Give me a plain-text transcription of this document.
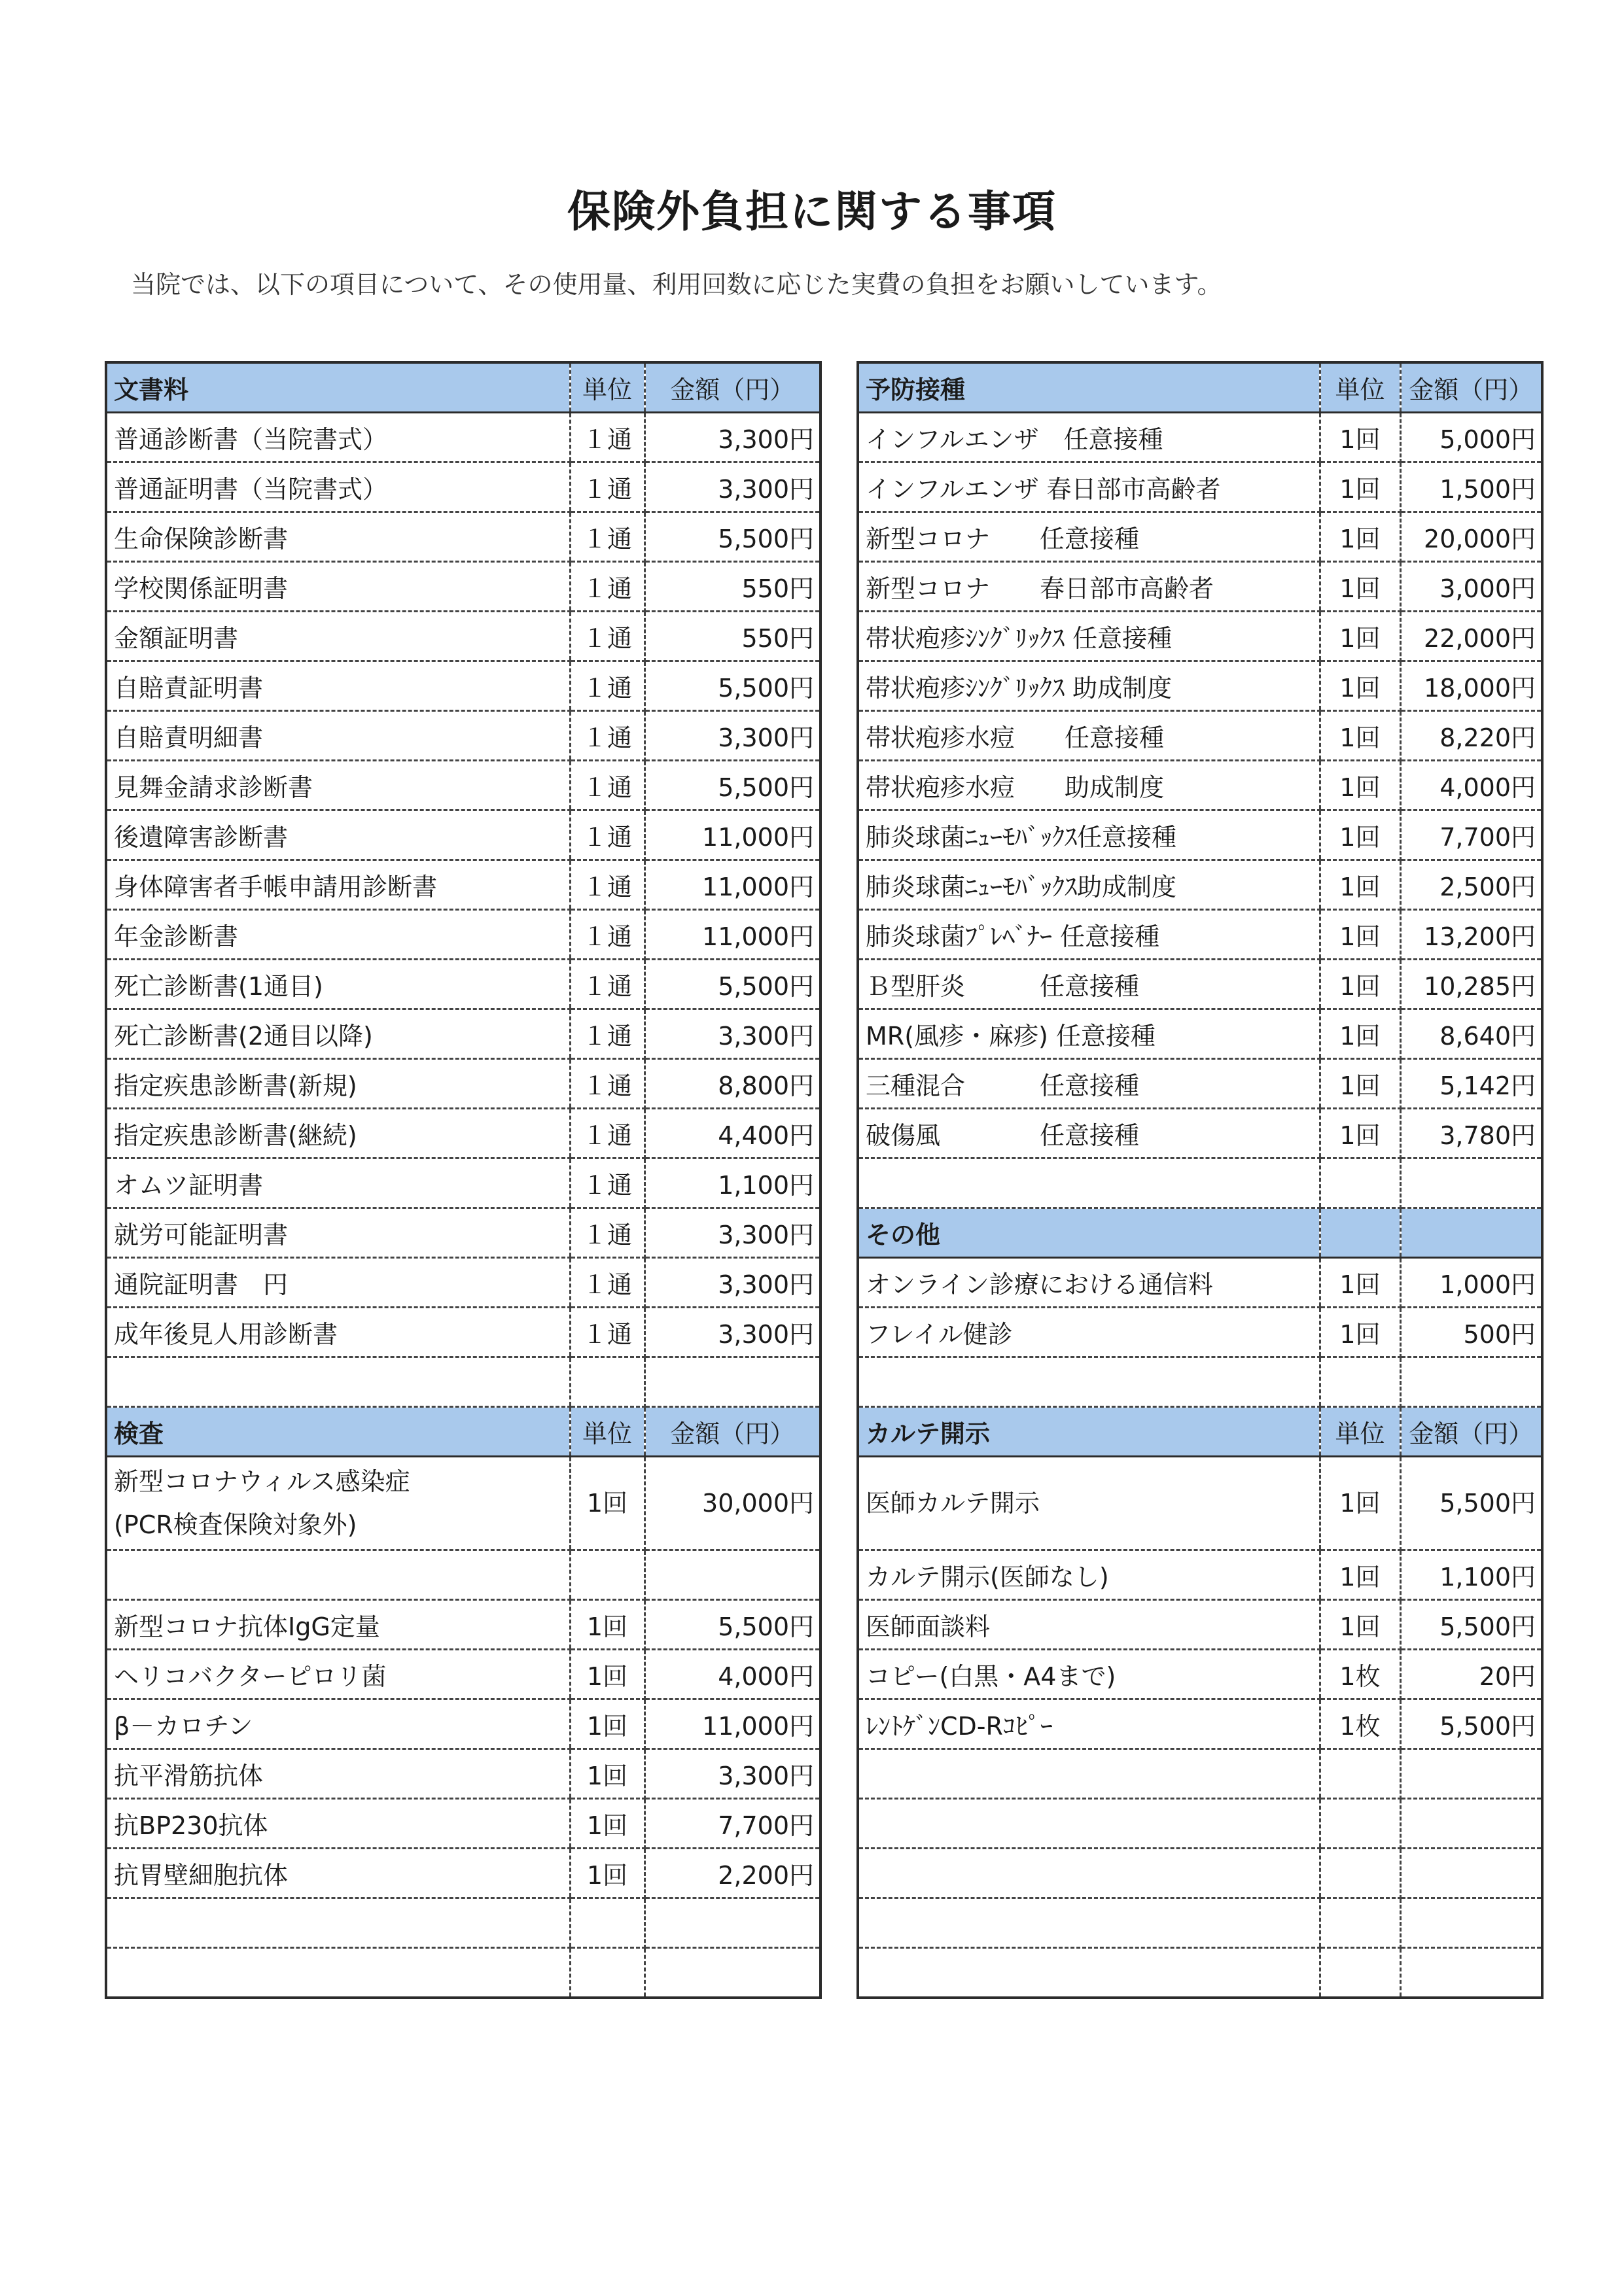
保険外負担に関する事項
当院では、以下の項目について、その使用量、利用回数に応じた実費の負担をお願いしています。
文書料	単位	金額（円）
普通診断書（当院書式）	１通	3,300円
普通証明書（当院書式）	１通	3,300円
生命保険診断書	１通	5,500円
学校関係証明書	１通	550円
金額証明書	１通	550円
自賠責証明書	１通	5,500円
自賠責明細書	１通	3,300円
見舞金請求診断書	１通	5,500円
後遺障害診断書	１通	11,000円
身体障害者手帳申請用診断書	１通	11,000円
年金診断書	１通	11,000円
死亡診断書(1通目)	１通	5,500円
死亡診断書(2通目以降)	１通	3,300円
指定疾患診断書(新規)	１通	8,800円
指定疾患診断書(継続)	１通	4,400円
オムツ証明書	１通	1,100円
就労可能証明書	１通	3,300円
通院証明書　円	１通	3,300円
成年後見人用診断書	１通	3,300円

検査	単位	金額（円）

新型コロナウィルス感染症
(PCR検査保険対象外)	1回	30,000円

新型コロナ抗体IgG定量	1回	5,500円
ヘリコバクターピロリ菌	1回	4,000円
β－カロチン	1回	11,000円
抗平滑筋抗体	1回	3,300円
抗BP230抗体	1回	7,700円
抗胃壁細胞抗体	1回	2,200円

予防接種	単位	金額（円）
インフルエンザ　任意接種	1回	5,000円
インフルエンザ 春日部市高齢者	1回	1,500円
新型コロナ　　任意接種	1回	20,000円
新型コロナ　　春日部市高齢者	1回	3,000円
帯状疱疹ｼﾝｸﾞﾘｯｸｽ 任意接種	1回	22,000円
帯状疱疹ｼﾝｸﾞﾘｯｸｽ 助成制度	1回	18,000円
帯状疱疹水痘　　任意接種	1回	8,220円
帯状疱疹水痘　　助成制度	1回	4,000円
肺炎球菌ﾆｭｰﾓﾊﾞｯｸｽ任意接種	1回	7,700円
肺炎球菌ﾆｭｰﾓﾊﾞｯｸｽ助成制度	1回	2,500円
肺炎球菌ﾌﾟﾚﾍﾞﾅｰ 任意接種	1回	13,200円
Ｂ型肝炎　　　任意接種	1回	10,285円
MR(風疹・麻疹) 任意接種	1回	8,640円
三種混合　　　任意接種	1回	5,142円
破傷風　　　　任意接種	1回	3,780円

その他		
オンライン診療における通信料	1回	1,000円
フレイル健診	1回	500円

カルテ開示	単位	金額（円）
医師カルテ開示	1回	5,500円
カルテ開示(医師なし)	1回	1,100円
医師面談料	1回	5,500円
コピー(白黒・A4まで)	1枚	20円
ﾚﾝﾄｹﾞﾝCD-Rｺﾋﾟｰ	1枚	5,500円
